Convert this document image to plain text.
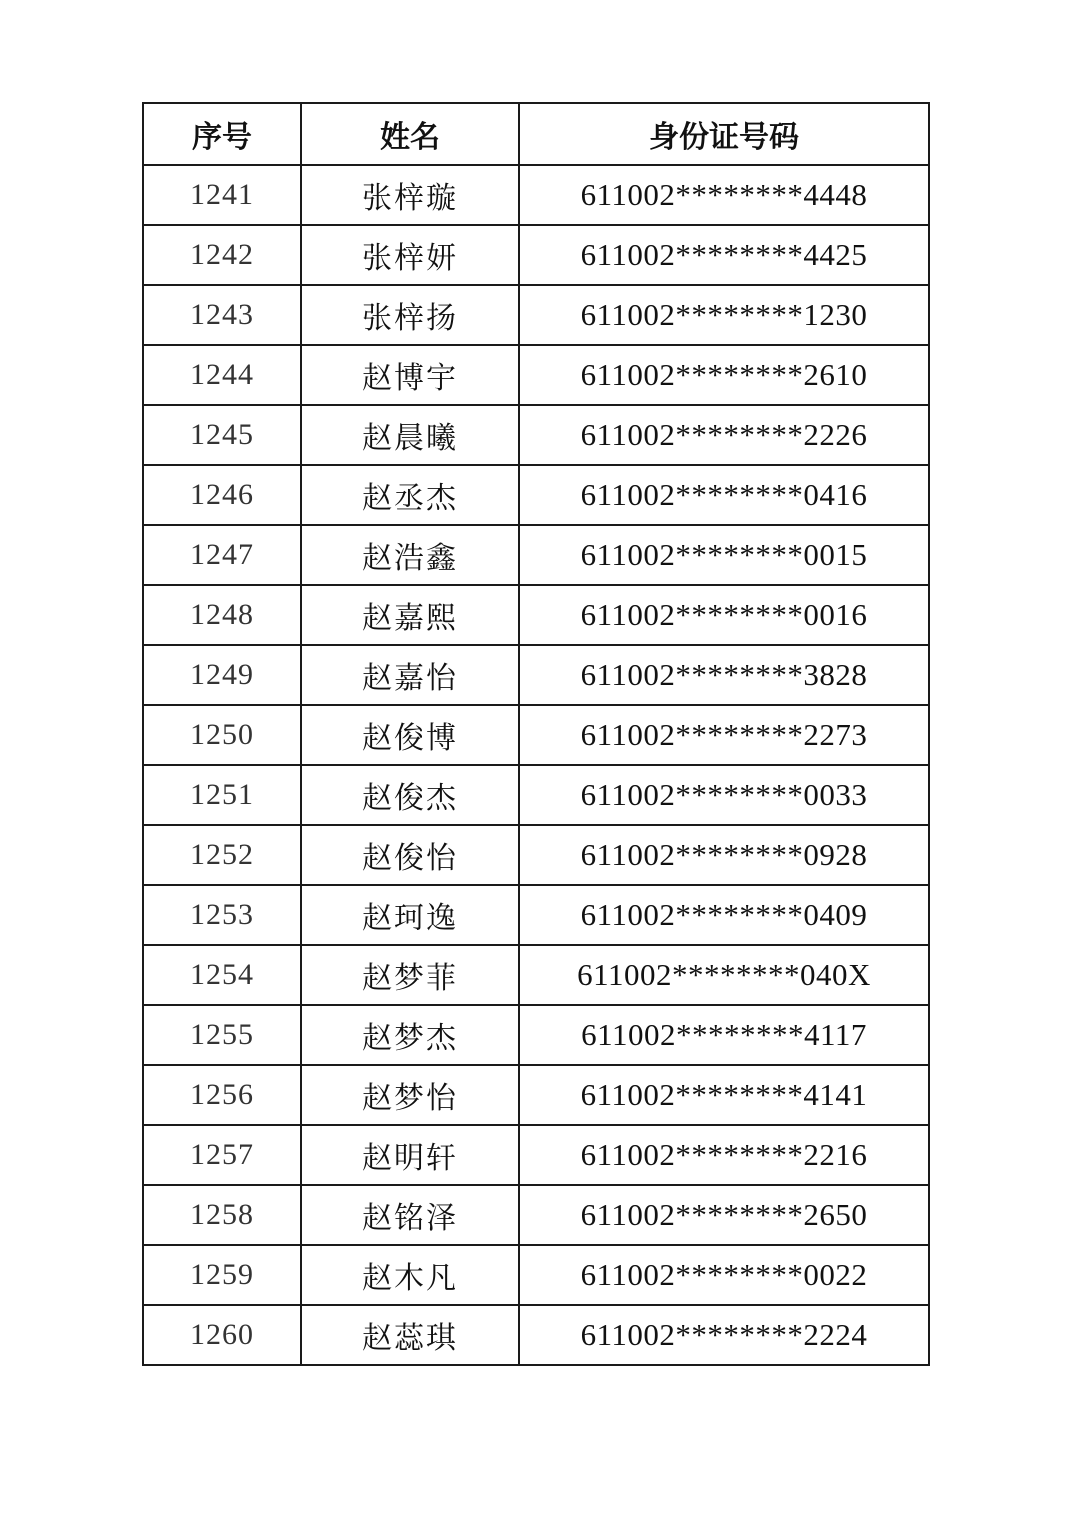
序号	姓名	身份证号码
1241	张梓璇	611002********4448
1242	张梓妍	611002********4425
1243	张梓扬	611002********1230
1244	赵博宇	611002********2610
1245	赵晨曦	611002********2226
1246	赵丞杰	611002********0416
1247	赵浩鑫	611002********0015
1248	赵嘉熙	611002********0016
1249	赵嘉怡	611002********3828
1250	赵俊博	611002********2273
1251	赵俊杰	611002********0033
1252	赵俊怡	611002********0928
1253	赵珂逸	611002********0409
1254	赵梦菲	611002********040X
1255	赵梦杰	611002********4117
1256	赵梦怡	611002********4141
1257	赵明轩	611002********2216
1258	赵铭泽	611002********2650
1259	赵木凡	611002********0022
1260	赵蕊琪	611002********2224
